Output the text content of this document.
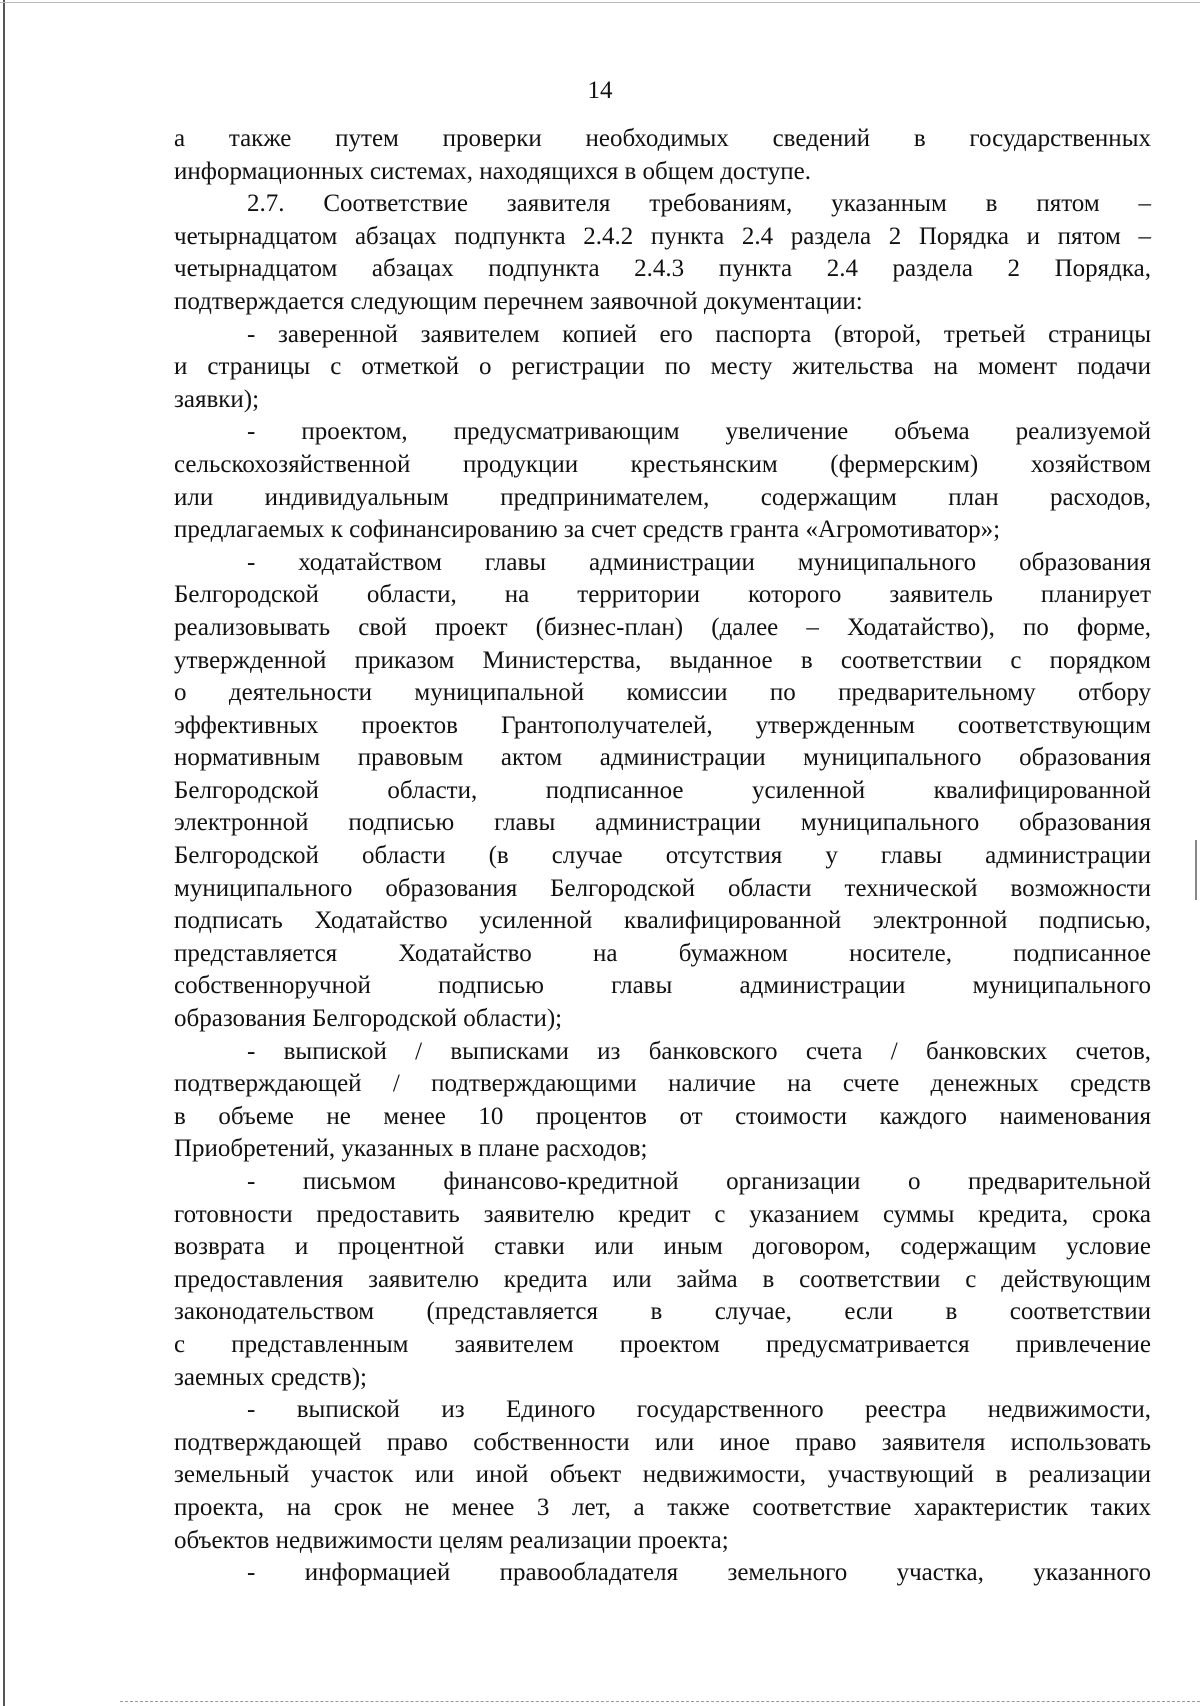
14
а также путем проверки необходимых сведений в государственных
информационных системах, находящихся в общем доступе.
2.7. Соответствие заявителя требованиям, указанным в пятом –
четырнадцатом абзацах подпункта 2.4.2 пункта 2.4 раздела 2 Порядка и пятом –
четырнадцатом абзацах подпункта 2.4.3 пункта 2.4 раздела 2 Порядка,
подтверждается следующим перечнем заявочной документации:
- заверенной заявителем копией его паспорта (второй, третьей страницы
и страницы с отметкой о регистрации по месту жительства на момент подачи
заявки);
- проектом, предусматривающим увеличение объема реализуемой
сельскохозяйственной продукции крестьянским (фермерским) хозяйством
или индивидуальным предпринимателем, содержащим план расходов,
предлагаемых к софинансированию за счет средств гранта «Агромотиватор»;
- ходатайством главы администрации муниципального образования
Белгородской области, на территории которого заявитель планирует
реализовывать свой проект (бизнес-план) (далее – Ходатайство), по форме,
утвержденной приказом Министерства, выданное в соответствии с порядком
о деятельности муниципальной комиссии по предварительному отбору
эффективных проектов Грантополучателей, утвержденным соответствующим
нормативным правовым актом администрации муниципального образования
Белгородской области, подписанное усиленной квалифицированной
электронной подписью главы администрации муниципального образования
Белгородской области (в случае отсутствия у главы администрации
муниципального образования Белгородской области технической возможности
подписать Ходатайство усиленной квалифицированной электронной подписью,
представляется Ходатайство на бумажном носителе, подписанное
собственноручной подписью главы администрации муниципального
образования Белгородской области);
- выпиской / выписками из банковского счета / банковских счетов,
подтверждающей / подтверждающими наличие на счете денежных средств
в объеме не менее 10 процентов от стоимости каждого наименования
Приобретений, указанных в плане расходов;
- письмом финансово-кредитной организации о предварительной
готовности предоставить заявителю кредит с указанием суммы кредита, срока
возврата и процентной ставки или иным договором, содержащим условие
предоставления заявителю кредита или займа в соответствии с действующим
законодательством (представляется в случае, если в соответствии
с представленным заявителем проектом предусматривается привлечение
заемных средств);
- выпиской из Единого государственного реестра недвижимости,
подтверждающей право собственности или иное право заявителя использовать
земельный участок или иной объект недвижимости, участвующий в реализации
проекта, на срок не менее 3 лет, а также соответствие характеристик таких
объектов недвижимости целям реализации проекта;
- информацией правообладателя земельного участка, указанного
